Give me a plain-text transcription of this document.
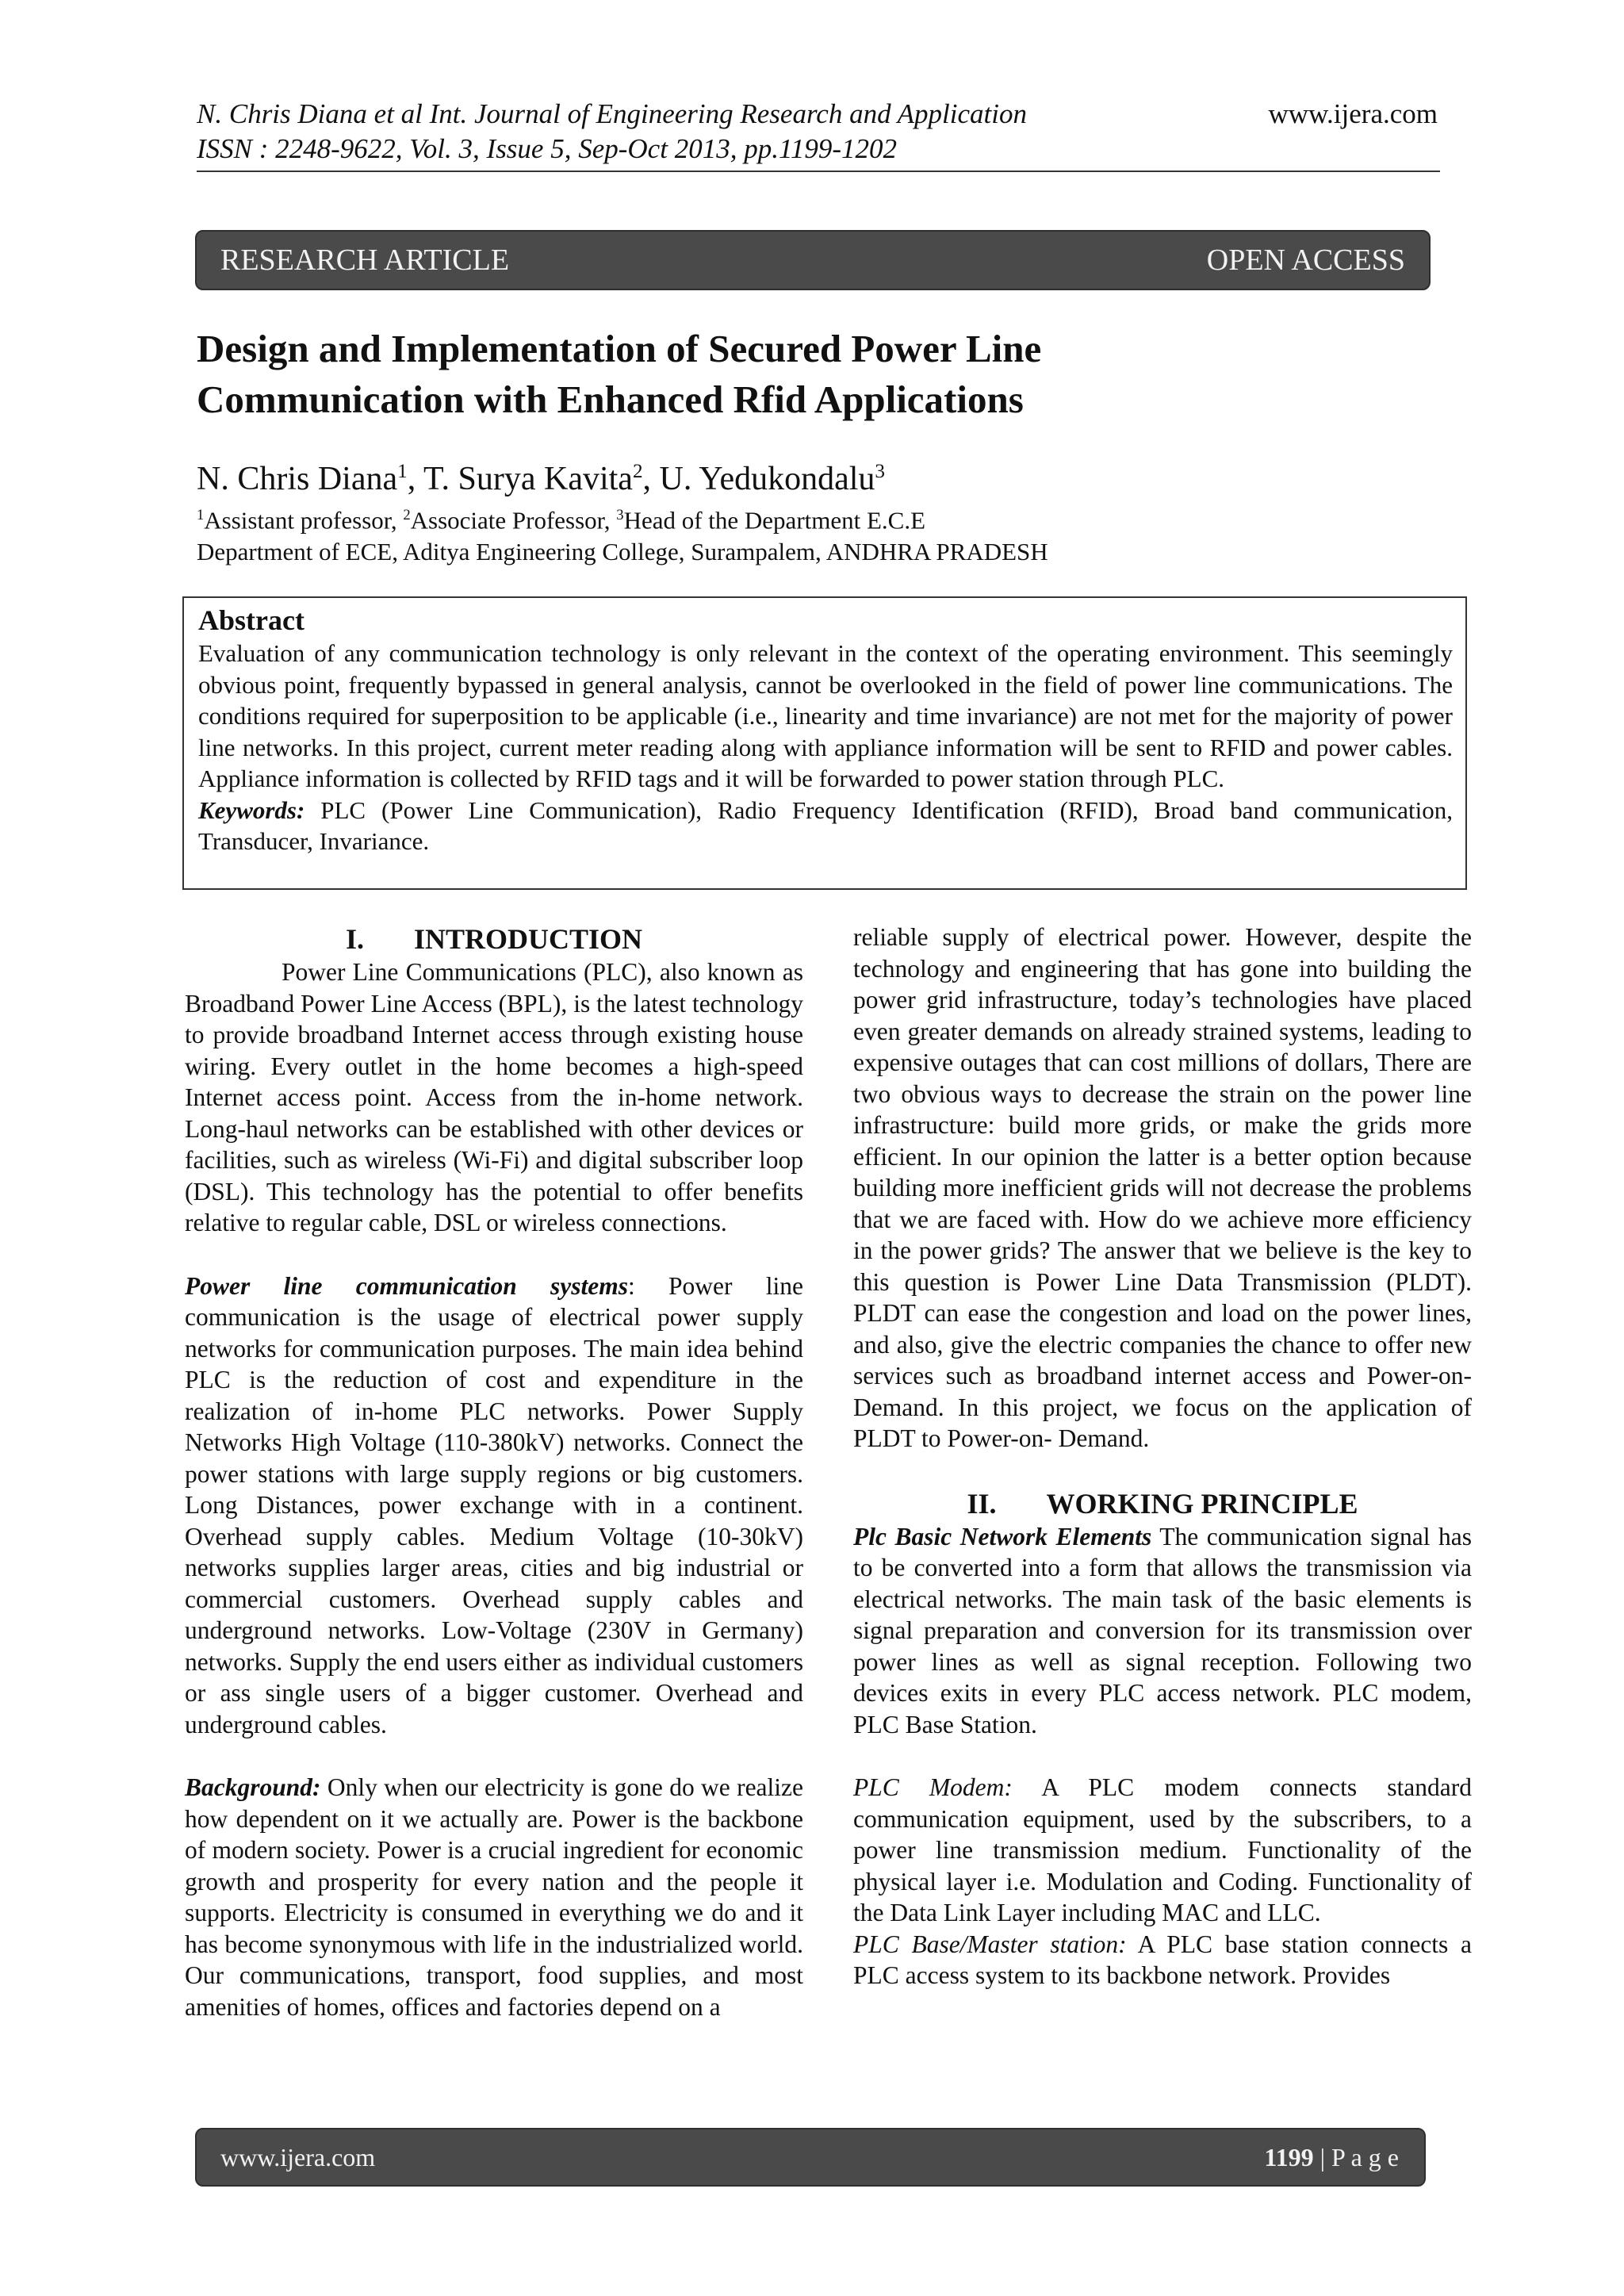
N. Chris Diana et al Int. Journal of Engineering Research and Application	www.ijera.com
ISSN : 2248-9622, Vol. 3, Issue 5, Sep-Oct 2013, pp.1199-1202
RESEARCH ARTICLE	OPEN ACCESS
Design and Implementation of Secured Power Line
Communication with Enhanced Rfid Applications
N. Chris Diana$^1$, T. Surya Kavita$^2$, U. Yedukondalu$^3$
$^1$Assistant professor, $^2$Associate Professor, $^3$Head of the Department E.C.E
Department of ECE, Aditya Engineering College, Surampalem, ANDHRA PRADESH
Abstract
Evaluation of any communication technology is only relevant in the context of the operating environment. This seemingly obvious point, frequently bypassed in general analysis, cannot be overlooked in the field of power line communications. The conditions required for superposition to be applicable (i.e., linearity and time invariance) are not met for the majority of power line networks. In this project, current meter reading along with appliance information will be sent to RFID and power cables. Appliance information is collected by RFID tags and it will be forwarded to power station through PLC.
Keywords: PLC (Power Line Communication), Radio Frequency Identification (RFID), Broad band communication, Transducer, Invariance.

I.       INTRODUCTION

Power Line Communications (PLC), also known as Broadband Power Line Access (BPL), is the latest technology to provide broadband Internet access through existing house wiring. Every outlet in the home becomes a high-speed Internet access point. Access from the in-home network. Long-haul networks can be established with other devices or facilities, such as wireless (Wi-Fi) and digital subscriber loop (DSL). This technology has the potential to offer benefits relative to regular cable, DSL or wireless connections.

Power line communication systems: Power line communication is the usage of electrical power supply networks for communication purposes. The main idea behind PLC is the reduction of cost and expenditure in the realization of in-home PLC networks. Power Supply Networks High Voltage (110-380kV) networks. Connect the power stations with large supply regions or big customers. Long Distances, power exchange with in a continent. Overhead supply cables. Medium Voltage (10-30kV) networks supplies larger areas, cities and big industrial or commercial customers. Overhead supply cables and underground networks. Low-Voltage (230V in Germany) networks. Supply the end users either as individual customers or ass single users of a bigger customer. Overhead and underground cables.

Background: Only when our electricity is gone do we realize how dependent on it we actually are. Power is the backbone of modern society. Power is a crucial ingredient for economic growth and prosperity for every nation and the people it supports. Electricity is consumed in everything we do and it has become synonymous with life in the industrialized world. Our communications, transport, food supplies, and most amenities of homes, offices and factories depend on a

reliable supply of electrical power. However, despite the technology and engineering that has gone into building the power grid infrastructure, today’s technologies have placed even greater demands on already strained systems, leading to expensive outages that can cost millions of dollars, There are two obvious ways to decrease the strain on the power line infrastructure: build more grids, or make the grids more efficient. In our opinion the latter is a better option because building more inefficient grids will not decrease the problems that we are faced with. How do we achieve more efficiency in the power grids? The answer that we believe is the key to this question is Power Line Data Transmission (PLDT). PLDT can ease the congestion and load on the power lines, and also, give the electric companies the chance to offer new services such as broadband internet access and Power-on- Demand. In this project, we focus on the application of PLDT to Power-on- Demand.

II.       WORKING PRINCIPLE

Plc Basic Network Elements The communication signal has to be converted into a form that allows the transmission via electrical networks. The main task of the basic elements is signal preparation and conversion for its transmission over power lines as well as signal reception. Following two devices exits in every PLC access network. PLC modem, PLC Base Station.

PLC Modem: A PLC modem connects standard communication equipment, used by the subscribers, to a power line transmission medium. Functionality of the physical layer i.e. Modulation and Coding. Functionality of the Data Link Layer including MAC and LLC.

PLC Base/Master station: A PLC base station connects a PLC access system to its backbone network. Provides

www.ijera.com	1199 | P a g e
